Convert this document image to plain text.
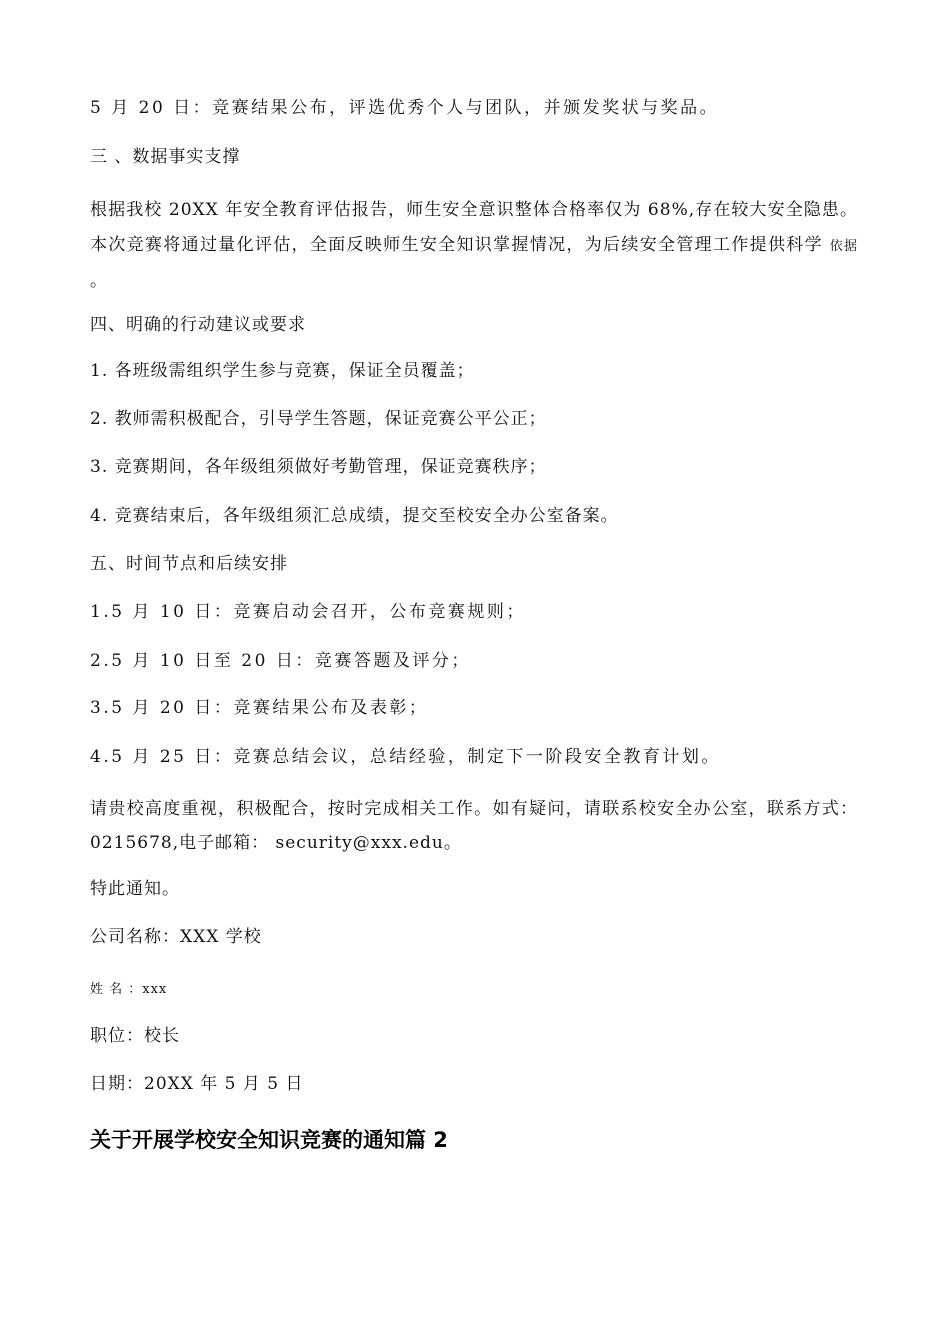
5 月 20 日：竞赛结果公布，评选优秀个人与团队，并颁发奖状与奖品。

三 、数据事实支撑

根据我校 20XX 年安全教育评估报告，师生安全意识整体合格率仅为 68%,存在较大安全隐患。 本次竞赛将通过量化评估，全面反映师生安全知识掌握情况，为后续安全管理工作提供科学 依据 。

四、明确的行动建议或要求

1. 各班级需组织学生参与竞赛，保证全员覆盖；

2. 教师需积极配合，引导学生答题，保证竞赛公平公正；

3. 竞赛期间，各年级组须做好考勤管理，保证竞赛秩序；

4. 竞赛结束后，各年级组须汇总成绩，提交至校安全办公室备案。

五、时间节点和后续安排

1.5 月 10 日：竞赛启动会召开，公布竞赛规则；

2.5 月 10 日至 20 日：竞赛答题及评分；

3.5 月 20 日：竞赛结果公布及表彰；

4.5 月 25 日：竞赛总结会议，总结经验，制定下一阶段安全教育计划。

请贵校高度重视，积极配合，按时完成相关工作。如有疑问，请联系校安全办公室，联系方式：0215678,电子邮箱： security@xxx.edu。

特此通知。

公司名称：XXX 学校

姓 名 ：xxx

职位：校长

日期：20XX 年 5 月 5 日

关于开展学校安全知识竞赛的通知篇 2
